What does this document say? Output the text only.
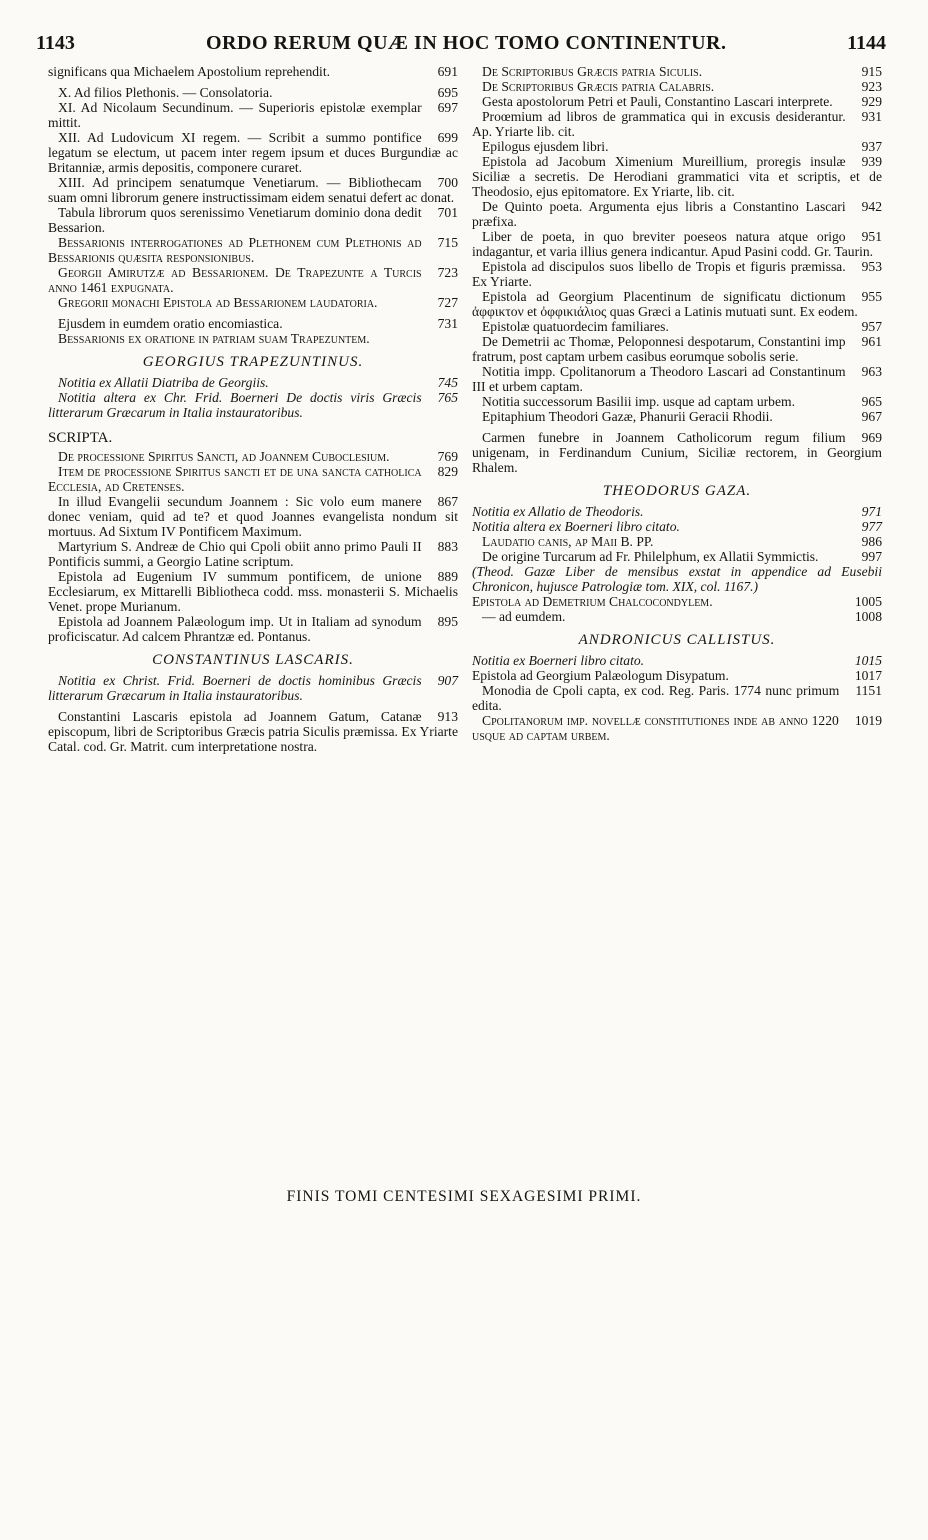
1143	ORDO RERUM QUÆ IN HOC TOMO CONTINENTUR.	1144

691
significans qua Michaelem Apostolium reprehendit.

695
X. Ad filios Plethonis. — Consolatoria.

697
XI. Ad Nicolaum Secundinum. — Superioris epistolæ exemplar mittit.

699
XII. Ad Ludovicum XI regem. — Scribit a summo pontifice legatum se electum, ut pacem inter regem ipsum et duces Burgundiæ ac Britanniæ, armis depositis, componere curaret.

700
XIII. Ad principem senatumque Venetiarum. — Bibliothecam suam omni librorum genere instructissimam eidem senatui defert ac donat.

701
Tabula librorum quos serenissimo Venetiarum dominio dona dedit Bessarion.

715
Bessarionis interrogationes ad Plethonem cum Plethonis ad Bessarionis quæsita responsionibus.

723
Georgii Amirutzæ ad Bessarionem. De Trapezunte a Turcis anno 1461 expugnata.

727
Gregorii monachi Epistola ad Bessarionem laudatoria.

731
Ejusdem in eumdem oratio encomiastica.

Bessarionis ex oratione in patriam suam Trapezuntem.

GEORGIUS TRAPEZUNTINUS.

745
Notitia ex Allatii Diatriba de Georgiis.

765
Notitia altera ex Chr. Frid. Boerneri De doctis viris Græcis litterarum Græcarum in Italia instauratoribus.

SCRIPTA.

769
De processione Spiritus Sancti, ad Joannem Cuboclesium.

829
Item de processione Spiritus sancti et de una sancta catholica Ecclesia, ad Cretenses.

867
In illud Evangelii secundum Joannem : Sic volo eum manere donec veniam, quid ad te? et quod Joannes evangelista nondum sit mortuus. Ad Sixtum IV Pontificem Maximum.

883
Martyrium S. Andreæ de Chio qui Cpoli obiit anno primo Pauli II Pontificis summi, a Georgio Latine scriptum.

889
Epistola ad Eugenium IV summum pontificem, de unione Ecclesiarum, ex Mittarelli Bibliotheca codd. mss. monasterii S. Michaelis Venet. prope Murianum.

895
Epistola ad Joannem Palæologum imp. Ut in Italiam ad synodum proficiscatur. Ad calcem Phrantzæ ed. Pontanus.

CONSTANTINUS LASCARIS.

907
Notitia ex Christ. Frid. Boerneri de doctis hominibus Græcis litterarum Græcarum in Italia instauratoribus.

913
Constantini Lascaris epistola ad Joannem Gatum, Catanæ episcopum, libri de Scriptoribus Græcis patria Siculis præmissa. Ex Yriarte Catal. cod. Gr. Matrit. cum interpretatione nostra.

915
De Scriptoribus Græcis patria Siculis.

923
De Scriptoribus Græcis patria Calabris.

929
Gesta apostolorum Petri et Pauli, Constantino Lascari interprete.

931
Proœmium ad libros de grammatica qui in excusis desiderantur. Ap. Yriarte lib. cit.

937
Epilogus ejusdem libri.

939
Epistola ad Jacobum Ximenium Mureillium, proregis insulæ Siciliæ a secretis. De Herodiani grammatici vita et scriptis, et de Theodosio, ejus epitomatore. Ex Yriarte, lib. cit.

942
De Quinto poeta. Argumenta ejus libris a Constantino Lascari præfixa.

951
Liber de poeta, in quo breviter poeseos natura atque origo indagantur, et varia illius genera indicantur. Apud Pasini codd. Gr. Taurin.

953
Epistola ad discipulos suos libello de Tropis et figuris præmissa. Ex Yriarte.

955
Epistola ad Georgium Placentinum de significatu dictionum ἀφφικτον et ὀφφικιάλιος quas Græci a Latinis mutuati sunt. Ex eodem.

957
Epistolæ quatuordecim familiares.

961
De Demetrii ac Thomæ, Peloponnesi despotarum, Constantini imp fratrum, post captam urbem casibus eorumque sobolis serie.

963
Notitia impp. Cpolitanorum a Theodoro Lascari ad Constantinum III et urbem captam.

965
Notitia successorum Basilii imp. usque ad captam urbem.

967
Epitaphium Theodori Gazæ, Phanurii Geracii Rhodii.

969
Carmen funebre in Joannem Catholicorum regum filium unigenam, in Ferdinandum Cunium, Siciliæ rectorem, in Georgium Rhalem.

THEODORUS GAZA.

971
Notitia ex Allatio de Theodoris.

977
Notitia altera ex Boerneri libro citato.

986
Laudatio canis, ap Maii B. PP.

997
De origine Turcarum ad Fr. Philelphum, ex Allatii Symmictis.

(Theod. Gazæ Liber de mensibus exstat in appendice ad Eusebii Chronicon, hujusce Patrologiæ tom. XIX, col. 1167.)

1005
Epistola ad Demetrium Chalcocondylem.

1008
— ad eumdem.

ANDRONICUS CALLISTUS.

1015
Notitia ex Boerneri libro citato.

1017
Epistola ad Georgium Palæologum Disypatum.

1151
Monodia de Cpoli capta, ex cod. Reg. Paris. 1774 nunc primum edita.

1019
Cpolitanorum imp. novellæ constitutiones inde ab anno 1220 usque ad captam urbem.

FINIS TOMI CENTESIMI SEXAGESIMI PRIMI.
